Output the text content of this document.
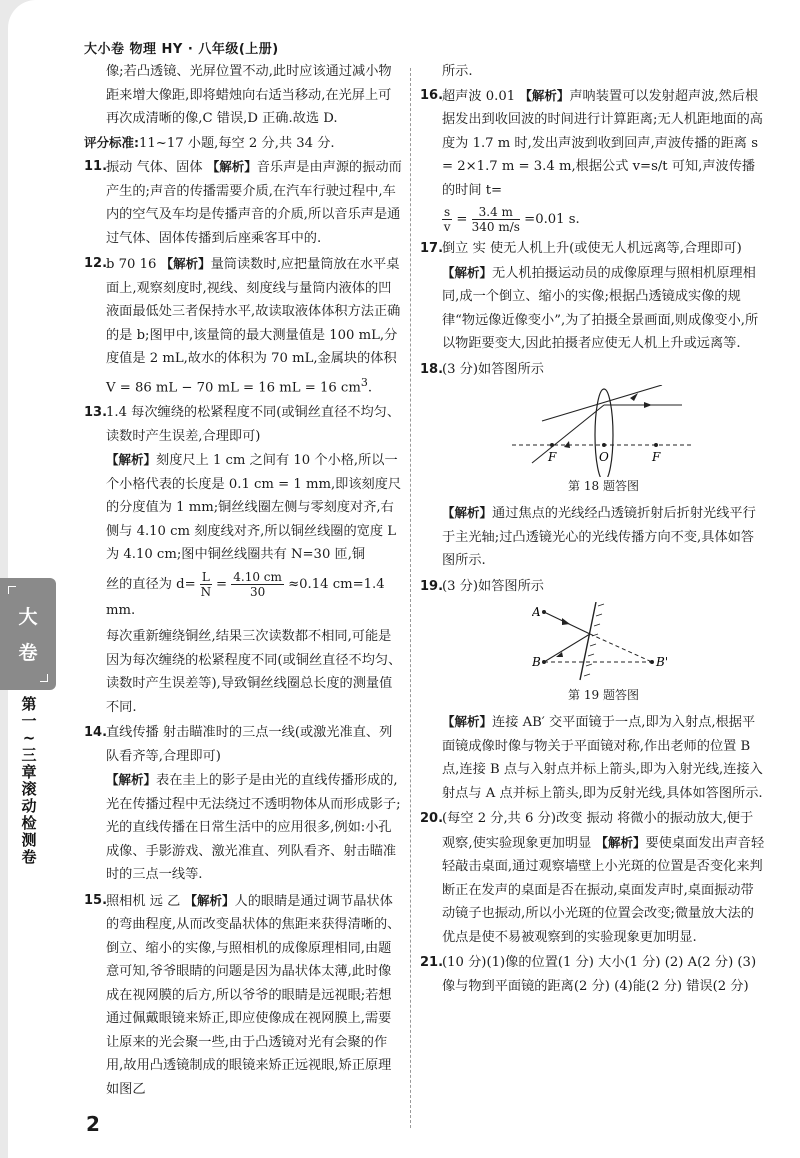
大小卷 物理 HY · 八年级(上册)
像;若凸透镜、光屏位置不动,此时应该通过减小物距来增大像距,即将蜡烛向右适当移动,在光屏上可再次成清晰的像,C 错误,D 正确.故选 D.
评分标准:11~17 小题,每空 2 分,共 34 分.
11.
振动 气体、固体 【解析】音乐声是由声源的振动而产生的;声音的传播需要介质,在汽车行驶过程中,车内的空气及车均是传播声音的介质,所以音乐声是通过气体、固体传播到后座乘客耳中的.
12.
b 70 16 【解析】量筒读数时,应把量筒放在水平桌面上,观察刻度时,视线、刻度线与量筒内液体的凹液面最低处三者保持水平,故读取液体体积方法正确的是 b;图甲中,该量筒的最大测量值是 100 mL,分度值是 2 mL,故水的体积为 70 mL,金属块的体积 V = 86 mL − 70 mL = 16 mL = 16 $cm^3$.
13.
1.4 每次缠绕的松紧程度不同(或铜丝直径不均匀、读数时产生误差,合理即可)
【解析】刻度尺上 1 cm 之间有 10 个小格,所以一个小格代表的长度是 0.1 cm = 1 mm,即该刻度尺的分度值为 1 mm;铜丝线圈左侧与零刻度对齐,右侧与 4.10 cm 刻度线对齐,所以铜丝线圈的宽度 L 为 4.10 cm;图中铜丝线圈共有 N=30 匝,铜
丝的直径为 $d= \frac{L}{N} = \frac{4.10 cm}{30} \approx 0.14$ cm=1.4 mm.
每次重新缠绕铜丝,结果三次读数都不相同,可能是因为每次缠绕的松紧程度不同(或铜丝直径不均匀、读数时产生误差等),导致铜丝线圈总长度的测量值不同.
14.
直线传播 射击瞄准时的三点一线(或激光准直、列队看齐等,合理即可)
【解析】表在圭上的影子是由光的直线传播形成的,光在传播过程中无法绕过不透明物体从而形成影子;光的直线传播在日常生活中的应用很多,例如:小孔成像、手影游戏、激光准直、列队看齐、射击瞄准时的三点一线等.
15.
照相机 远 乙 【解析】人的眼睛是通过调节晶状体的弯曲程度,从而改变晶状体的焦距来获得清晰的、倒立、缩小的实像,与照相机的成像原理相同,由题意可知,爷爷眼睛的问题是因为晶状体太薄,此时像成在视网膜的后方,所以爷爷的眼睛是远视眼;若想通过佩戴眼镜来矫正,即应使像成在视网膜上,需要让原来的光会聚一些,由于凸透镜对光有会聚的作用,故用凸透镜制成的眼镜来矫正远视眼,矫正原理如图乙
所示.
16.
超声波 0.01 【解析】声呐装置可以发射超声波,然后根据发出到收回波的时间进行计算距离;无人机距地面的高度为 1.7 m 时,发出声波到收到回声,声波传播的距离 s = 2×1.7 m = 3.4 m,根据公式 v=s/t 可知,声波传播的时间 t=
$\frac{s}{v} = \frac{3.4 m}{340 m/s} =0.01$ s.
17.
倒立 实 使无人机上升(或使无人机远离等,合理即可) 【解析】无人机拍摄运动员的成像原理与照相机原理相同,成一个倒立、缩小的实像;根据凸透镜成实像的规律“物远像近像变小”,为了拍摄全景画面,则成像变小,所以物距要变大,因此拍摄者应使无人机上升或远离等.
18.
(3 分)如答图所示
F	O	F
第 18 题答图
【解析】通过焦点的光线经凸透镜折射后折射光线平行于主光轴;过凸透镜光心的光线传播方向不变,具体如答图所示.
19.
(3 分)如答图所示
A
B	B'
第 19 题答图
【解析】连接 AB′ 交平面镜于一点,即为入射点,根据平面镜成像时像与物关于平面镜对称,作出老师的位置 B 点,连接 B 点与入射点并标上箭头,即为入射光线,连接入射点与 A 点并标上箭头,即为反射光线,具体如答图所示.
20.
(每空 2 分,共 6 分)改变 振动 将微小的振动放大,便于观察,使实验现象更加明显 【解析】要使桌面发出声音轻轻敲击桌面,通过观察墙壁上小光斑的位置是否变化来判断正在发声的桌面是否在振动,桌面发声时,桌面振动带动镜子也振动,所以小光斑的位置会改变;微量放大法的优点是使不易被观察到的实验现象更加明显.
21.
(10 分)(1)像的位置(1 分) 大小(1 分) (2) A(2 分) (3)像与物到平面镜的距离(2 分) (4)能(2 分) 错误(2 分)
2
大
卷
第一~三章滚动检测卷
